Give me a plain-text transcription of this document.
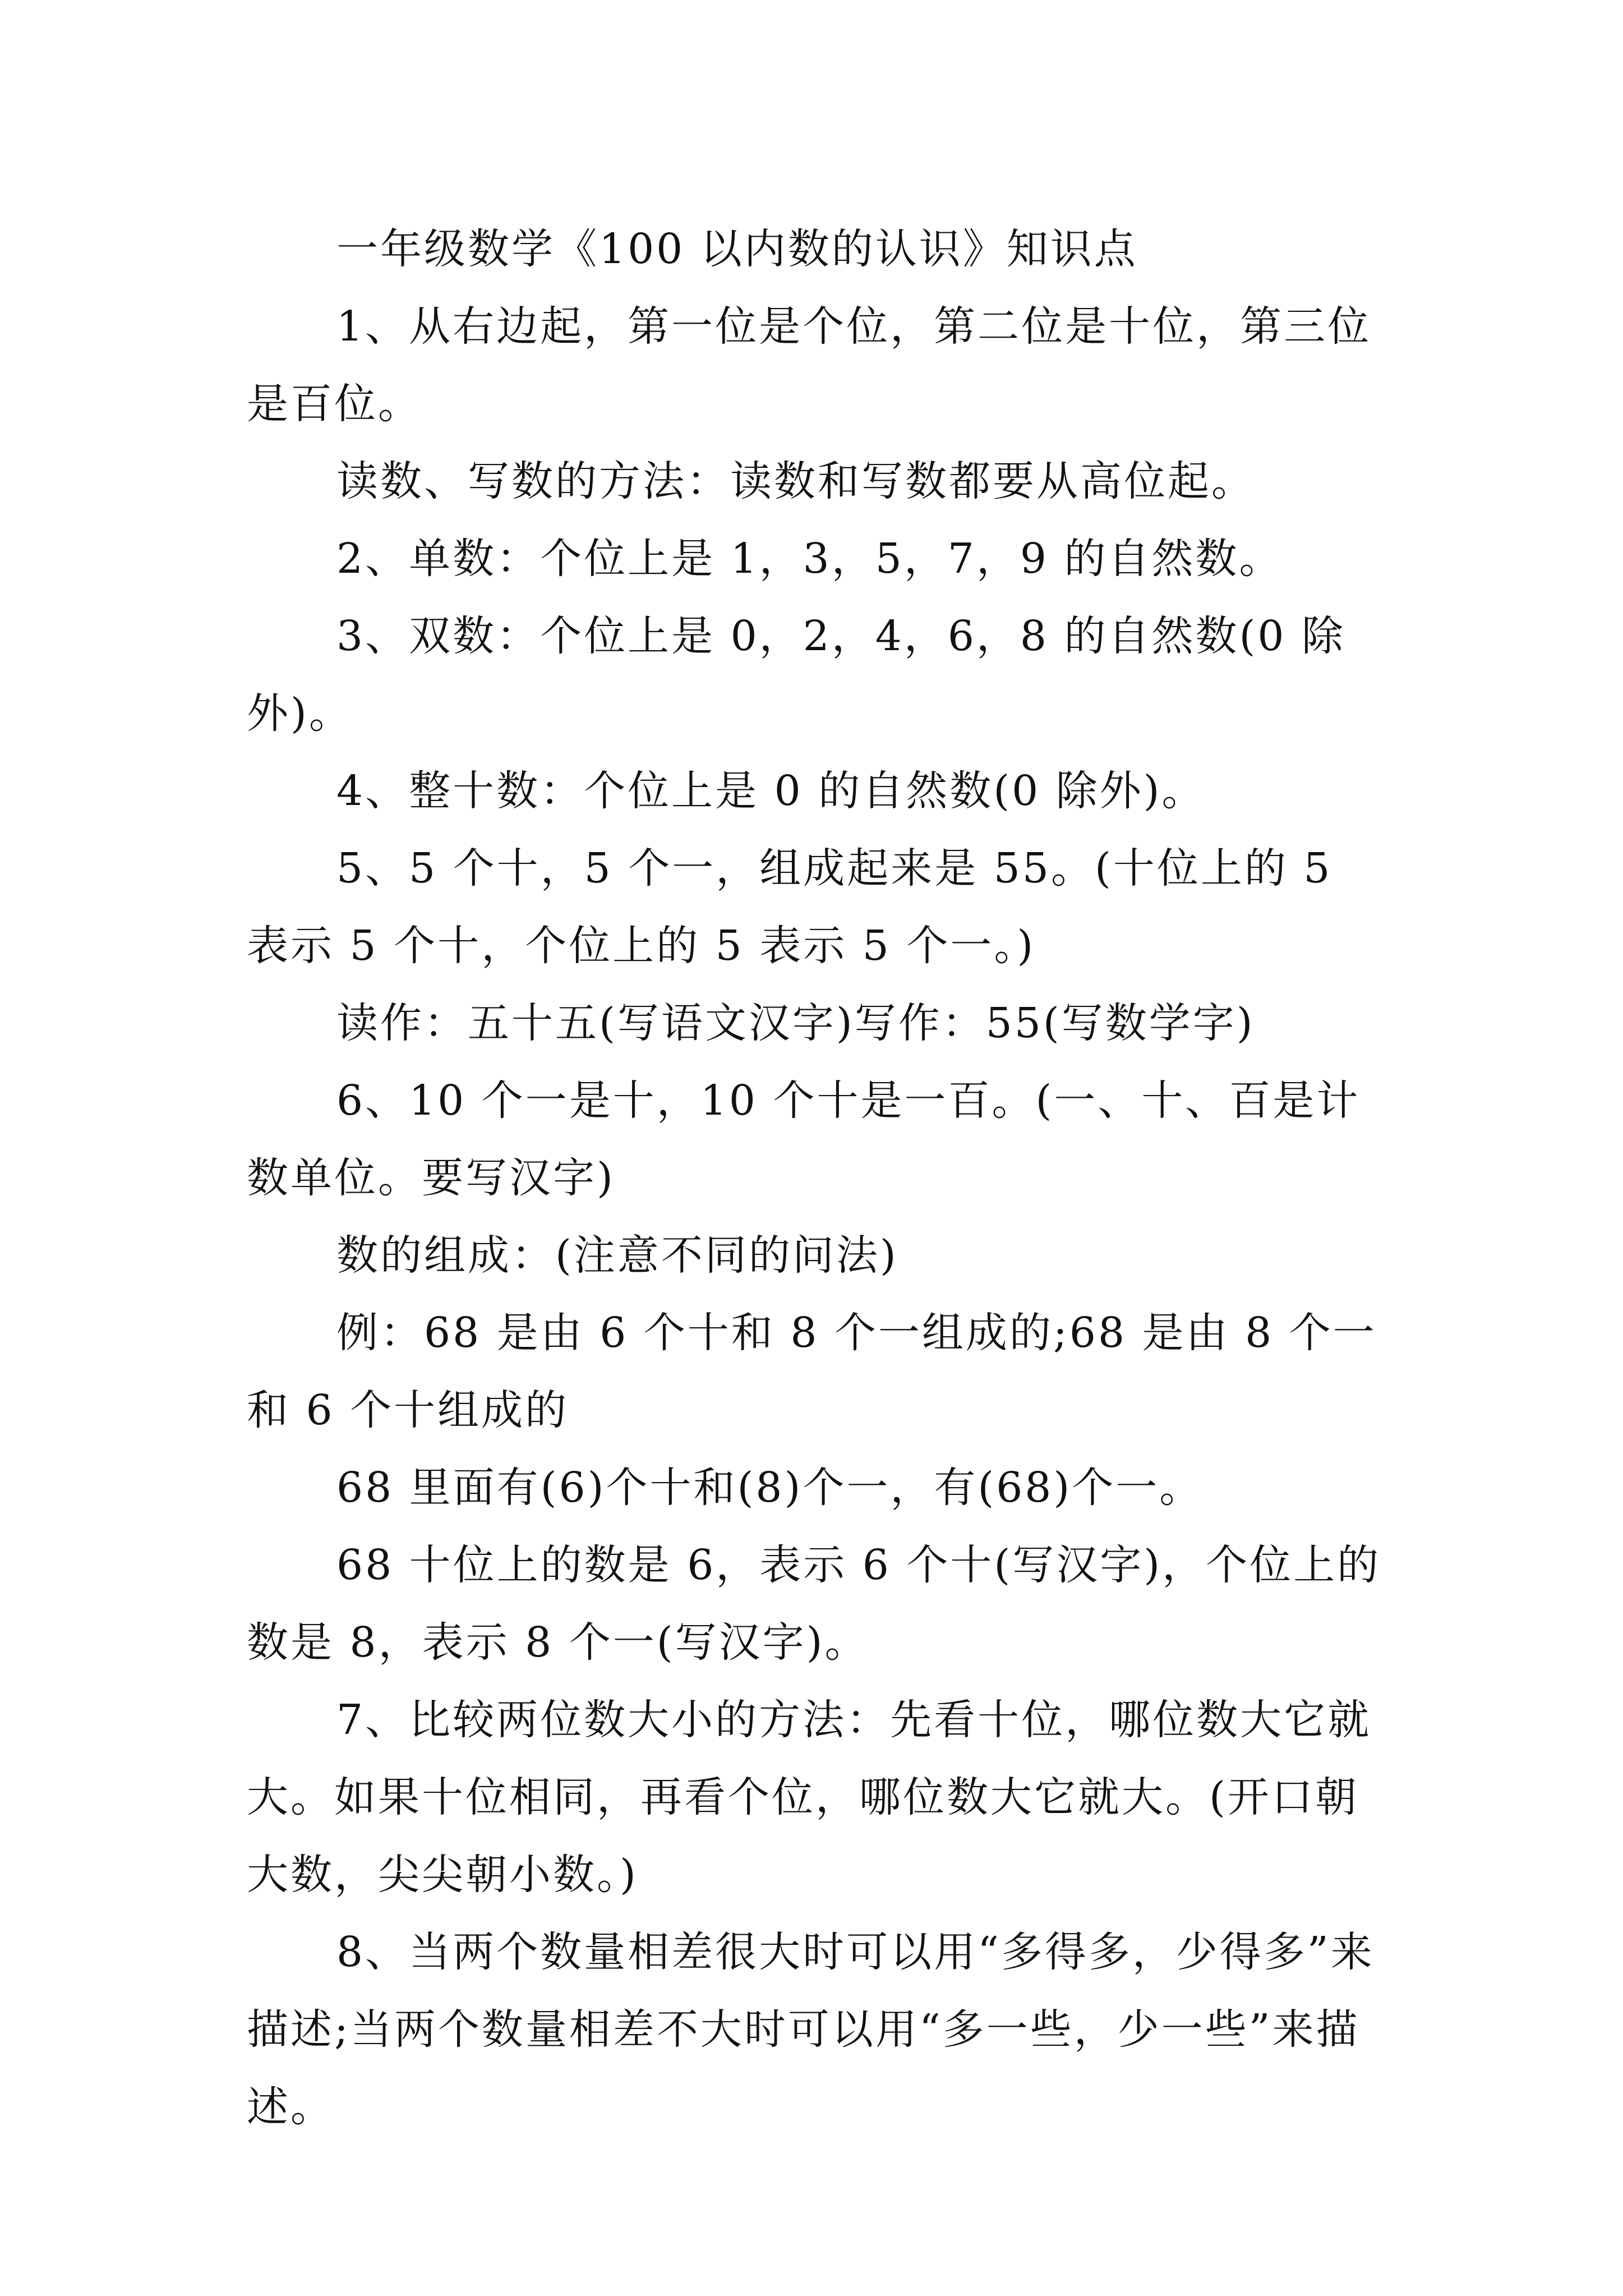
一年级数学《100 以内数的认识》知识点

1、从右边起，第一位是个位，第二位是十位，第三位是百位。

读数、写数的方法：读数和写数都要从高位起。

2、单数：个位上是 1，3，5，7，9 的自然数。

3、双数：个位上是 0，2，4，6，8 的自然数(0 除外)。

4、整十数：个位上是 0 的自然数(0 除外)。

5、5 个十，5 个一，组成起来是 55。(十位上的 5 表示 5 个十，个位上的 5 表示 5 个一。)

读作：五十五(写语文汉字)写作：55(写数学字)

6、10 个一是十，10 个十是一百。(一、十、百是计数单位。要写汉字)

数的组成：(注意不同的问法)

例：68 是由 6 个十和 8 个一组成的;68 是由 8 个一和 6 个十组成的

68 里面有(6)个十和(8)个一，有(68)个一。

68 十位上的数是 6，表示 6 个十(写汉字)，个位上的数是 8，表示 8 个一(写汉字)。

7、比较两位数大小的方法：先看十位，哪位数大它就大。如果十位相同，再看个位，哪位数大它就大。(开口朝大数，尖尖朝小数。)

8、当两个数量相差很大时可以用“多得多，少得多”来描述;当两个数量相差不大时可以用“多一些，少一些”来描述。
